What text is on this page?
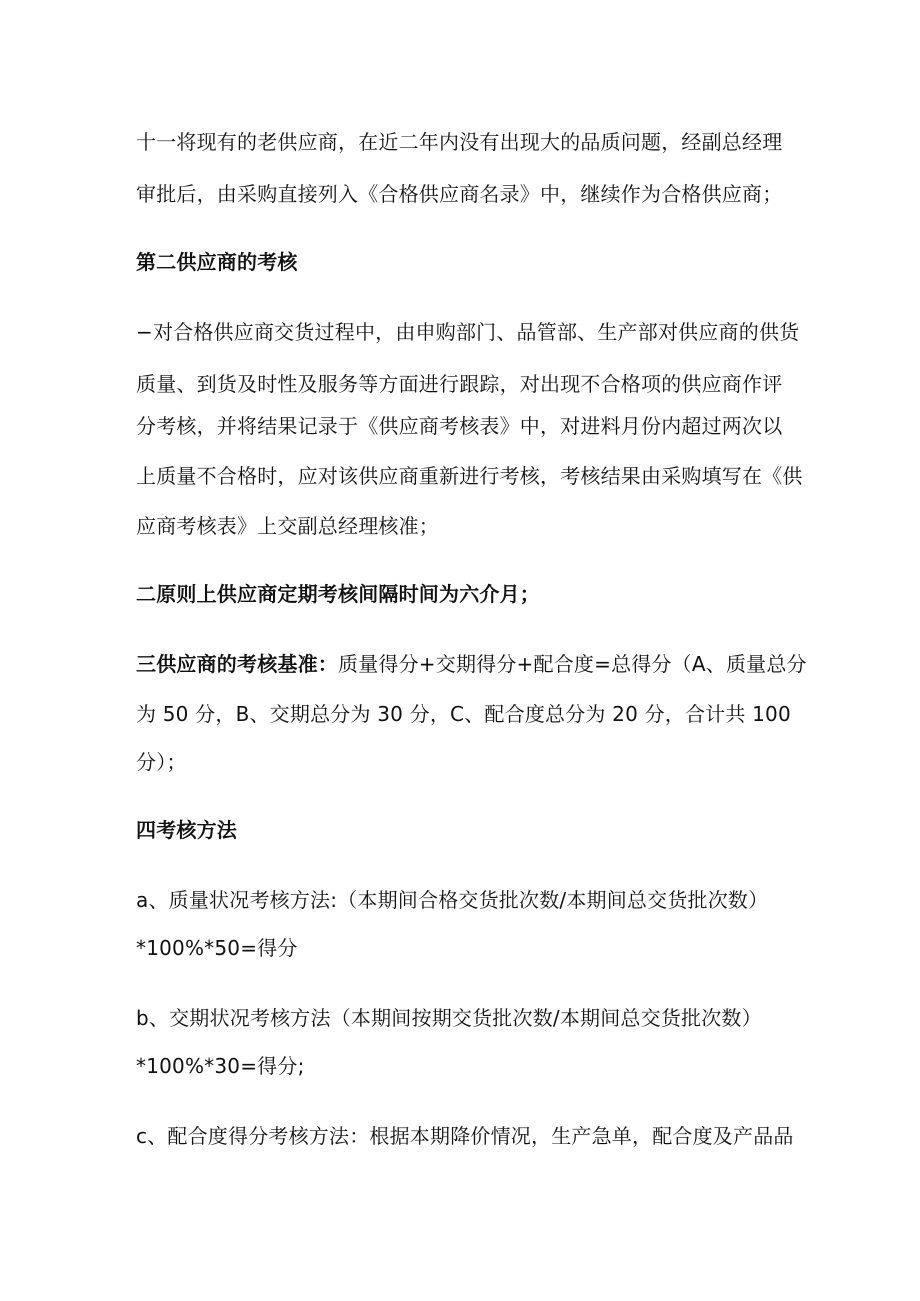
十一将现有的老供应商，在近二年内没有出现大的品质问题，经副总经理
审批后，由采购直接列入《合格供应商名录》中，继续作为合格供应商；
第二供应商的考核
−对合格供应商交货过程中，由申购部门、品管部、生产部对供应商的供货
质量、到货及时性及服务等方面进行跟踪，对出现不合格项的供应商作评
分考核，并将结果记录于《供应商考核表》中，对进料月份内超过两次以
上质量不合格时，应对该供应商重新进行考核，考核结果由采购填写在《供
应商考核表》上交副总经理核准；
二原则上供应商定期考核间隔时间为六介月；
三供应商的考核基准：质量得分+交期得分+配合度=总得分（A、质量总分
为 50 分，B、交期总分为 30 分，C、配合度总分为 20 分，合计共 100
分）；
四考核方法
a、质量状况考核方法:（本期间合格交货批次数/本期间总交货批次数）
*100%*50=得分
b、交期状况考核方法（本期间按期交货批次数/本期间总交货批次数）
*100%*30=得分;
c、配合度得分考核方法：根据本期降价情况，生产急单，配合度及产品品
